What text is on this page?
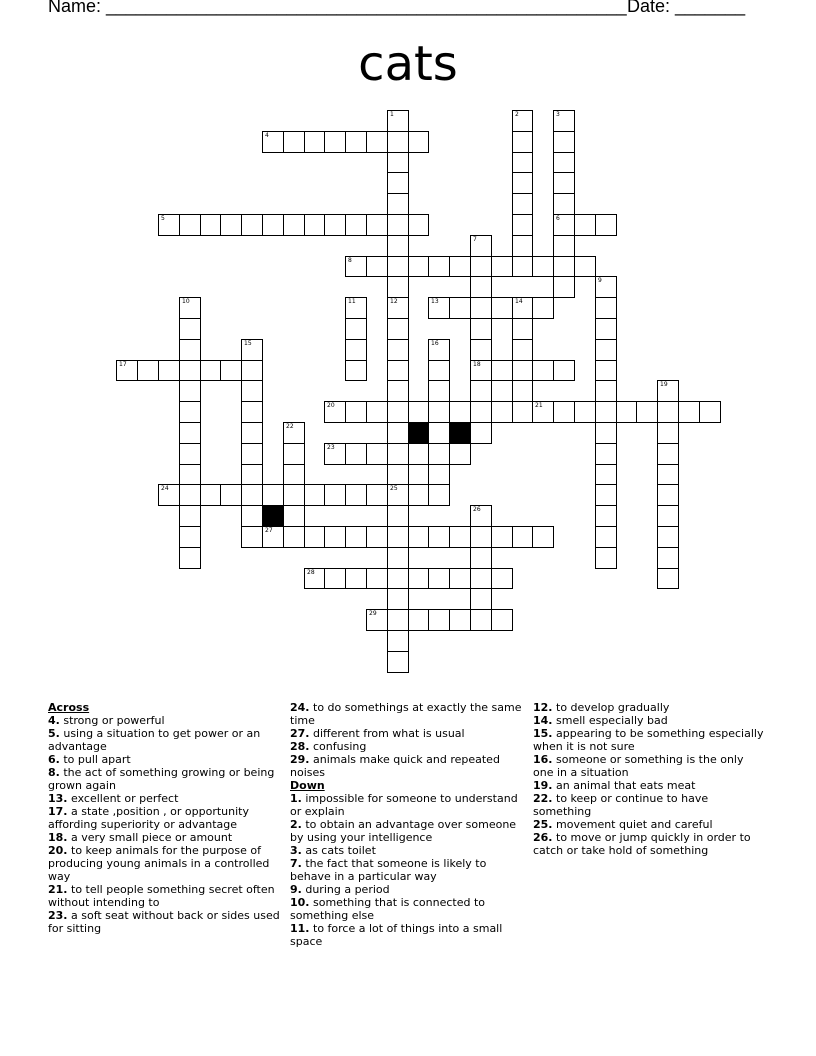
Name: ____________________________________________________ Date: _______
cats
1
12
2	3
6
7
18
9
10	11	14
15	16
19
22
25
26
4
5
8
13
17
20	21
23
24
27
28
29
Across
4. strong or powerful
5. using a situation to get power or an advantage
6. to pull apart
8. the act of something growing or being grown again
13. excellent or perfect
17. a state ,position , or opportunity affording superiority or advantage
18. a very small piece or amount
20. to keep animals for the purpose of producing young animals in a controlled way
21. to tell people something secret often without intending to
23. a soft seat without back or sides used for sitting
24. to do somethings at exactly the same time
27. different from what is usual
28. confusing
29. animals make quick and repeated noises
Down
1. impossible for someone to understand or explain
2. to obtain an advantage over someone by using your intelligence
3. as cats toilet
7. the fact that someone is likely to behave in a particular way
9. during a period
10. something that is connected to something else
11. to force a lot of things into a small space
12. to develop gradually
14. smell especially bad
15. appearing to be something especially when it is not sure
16. someone or something is the only one in a situation
19. an animal that eats meat
22. to keep or continue to have something
25. movement quiet and careful
26. to move or jump quickly in order to catch or take hold of something
